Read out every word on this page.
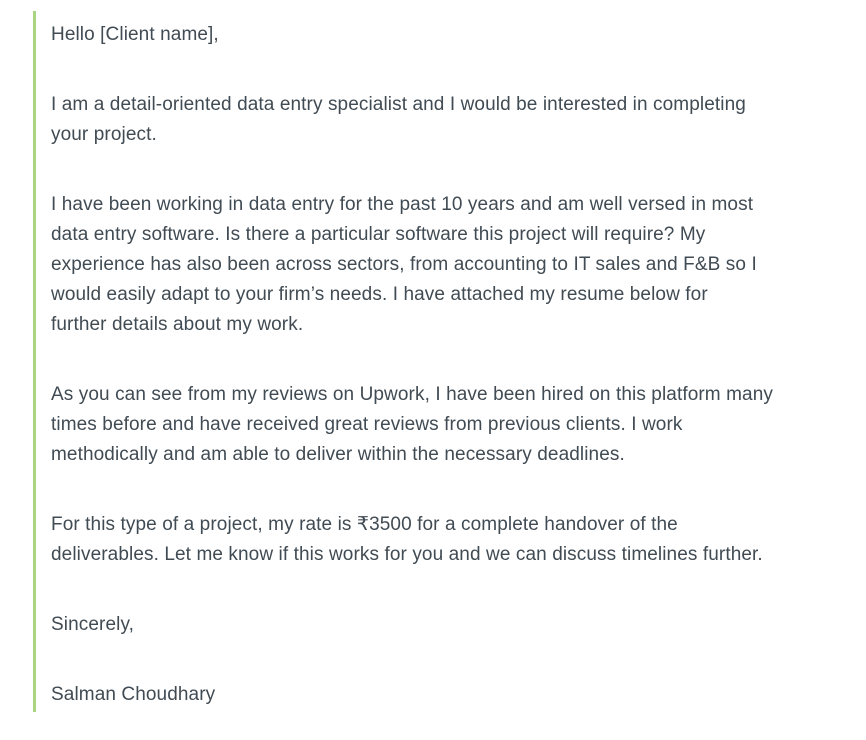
Hello [Client name],

I am a detail-oriented data entry specialist and I would be interested in completing
your project.

I have been working in data entry for the past 10 years and am well versed in most
data entry software. Is there a particular software this project will require? My
experience has also been across sectors, from accounting to IT sales and F&B so I
would easily adapt to your firm’s needs. I have attached my resume below for
further details about my work.

As you can see from my reviews on Upwork, I have been hired on this platform many
times before and have received great reviews from previous clients. I work
methodically and am able to deliver within the necessary deadlines.

For this type of a project, my rate is ₹3500 for a complete handover of the
deliverables. Let me know if this works for you and we can discuss timelines further.

Sincerely,

Salman Choudhary
